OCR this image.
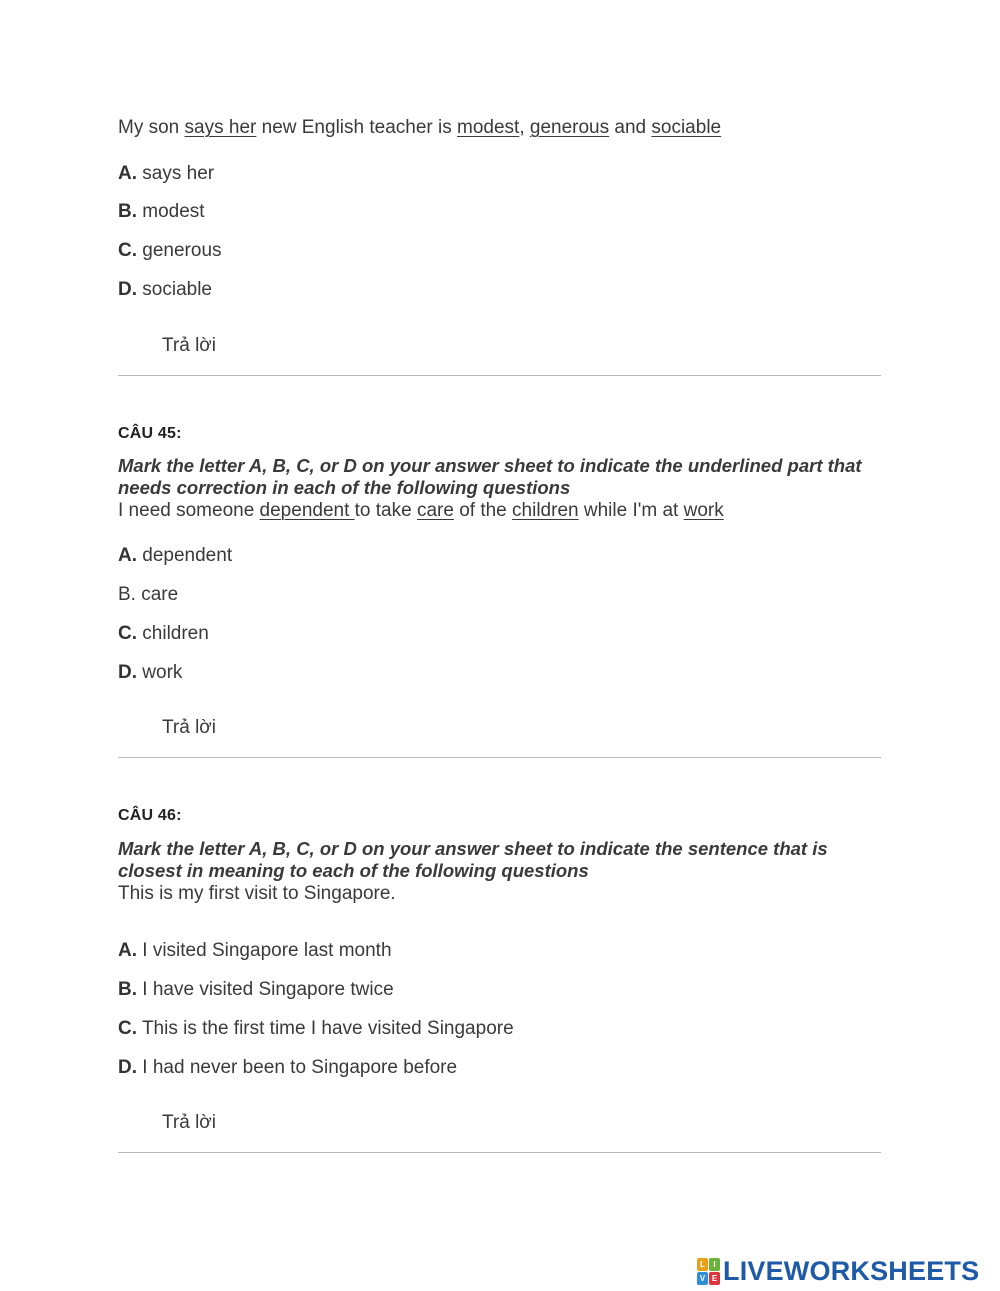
My son says her new English teacher is modest, generous and sociable
A. says her
B. modest
C. generous
D. sociable
Trả lời
CÂU 45:
Mark the letter A, B, C, or D on your answer sheet to indicate the underlined part that needs correction in each of the following questions
I need someone dependent to take care of the children while I'm at work
A. dependent
B. care
C. children
D. work
Trả lời
CÂU 46:
Mark the letter A, B, C, or D on your answer sheet to indicate the sentence that is closest in meaning to each of the following questions
This is my first visit to Singapore.
A. I visited Singapore last month
B. I have visited Singapore twice
C. This is the first time I have visited Singapore
D. I had never been to Singapore before
Trả lời
L	I
V E LIVEWORKSHEETS
